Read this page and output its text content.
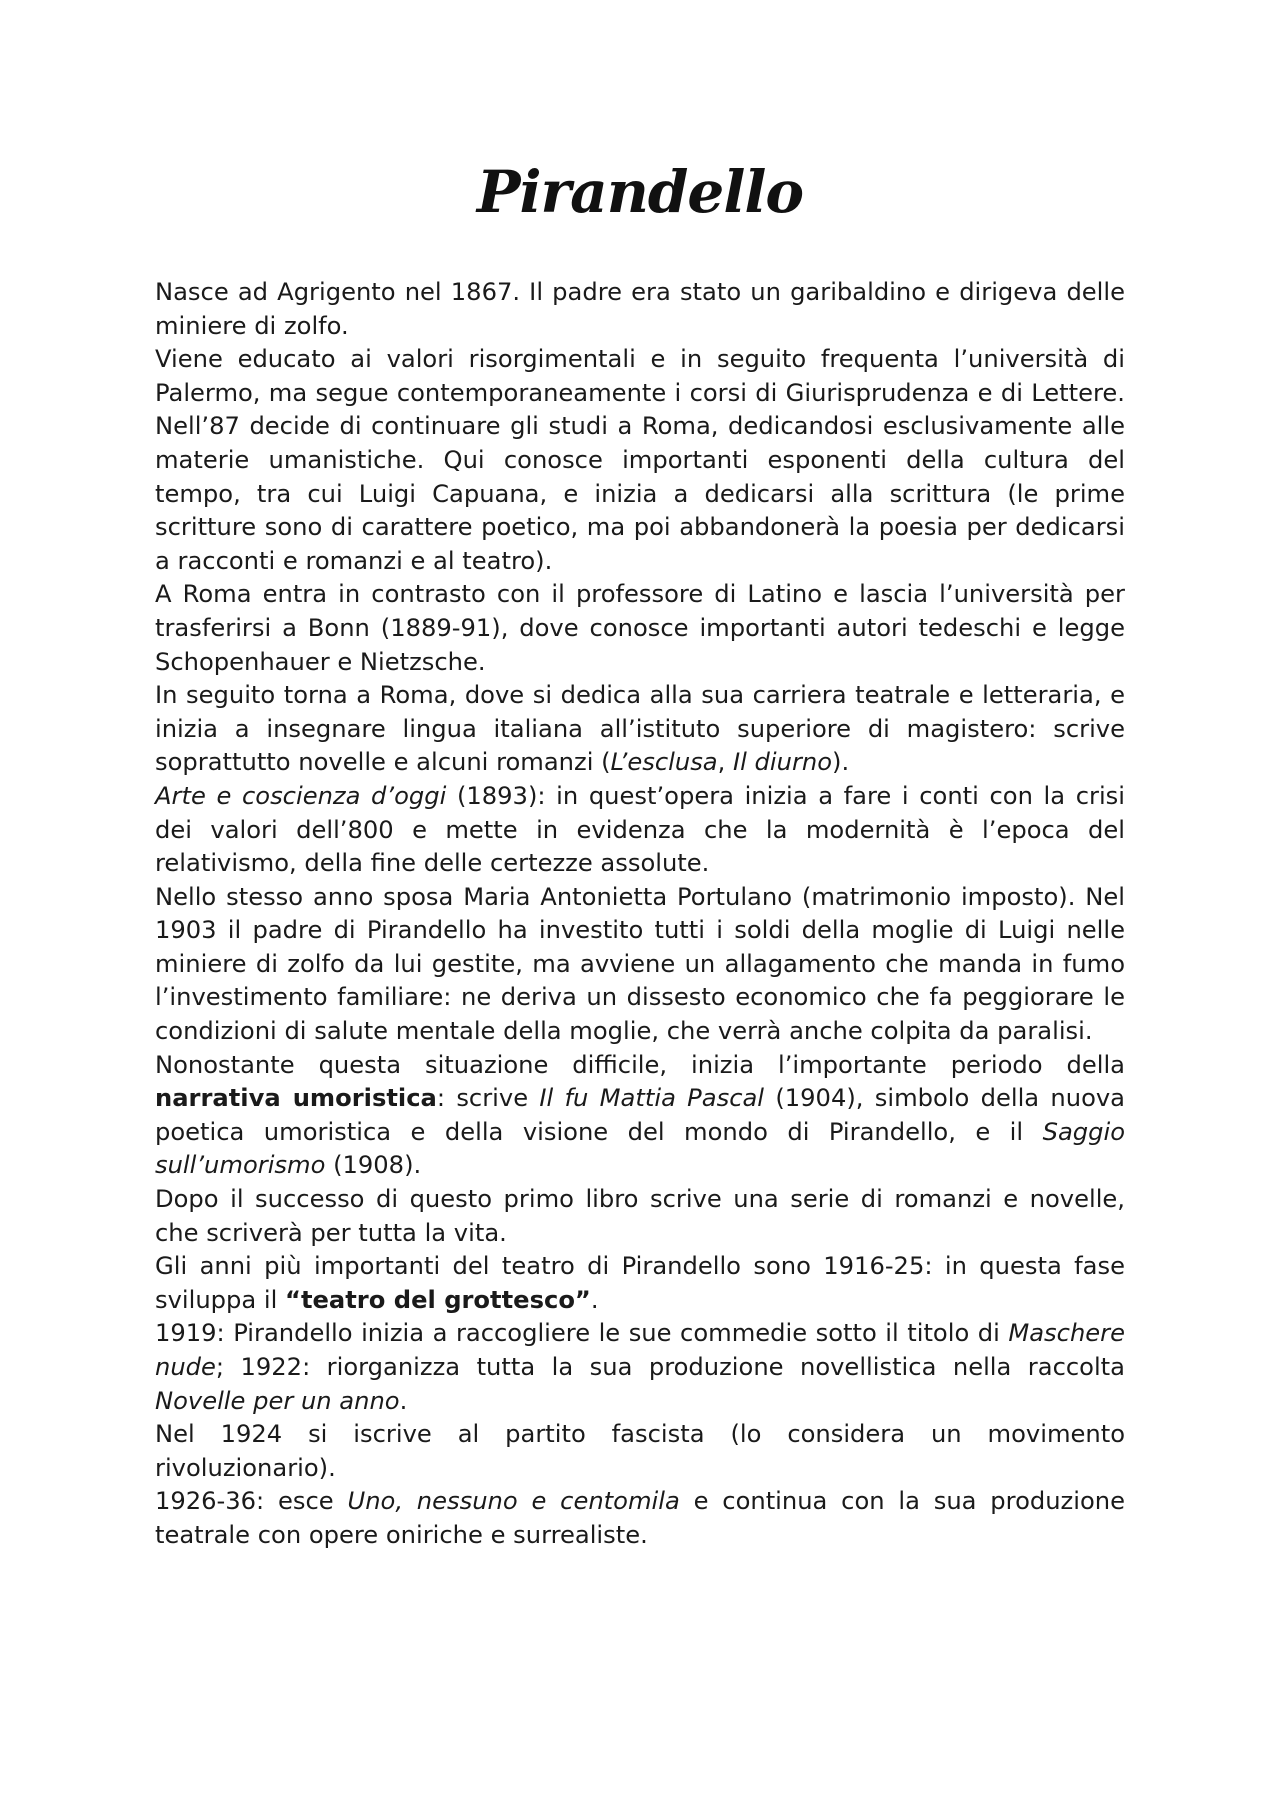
Pirandello

Nasce ad Agrigento nel 1867. Il padre era stato un garibaldino e dirigeva delle miniere di zolfo.

Viene educato ai valori risorgimentali e in seguito frequenta l’università di Palermo, ma segue contemporaneamente i corsi di Giurisprudenza e di Lettere. Nell’87 decide di continuare gli studi a Roma, dedicandosi esclusivamente alle materie umanistiche. Qui conosce importanti esponenti della cultura del tempo, tra cui Luigi Capuana, e inizia a dedicarsi alla scrittura (le prime scritture sono di carattere poetico, ma poi abbandonerà la poesia per dedicarsi a racconti e romanzi e al teatro).

A Roma entra in contrasto con il professore di Latino e lascia l’università per trasferirsi a Bonn (1889-91), dove conosce importanti autori tedeschi e legge Schopenhauer e Nietzsche.

In seguito torna a Roma, dove si dedica alla sua carriera teatrale e letteraria, e inizia a insegnare lingua italiana all’istituto superiore di magistero: scrive soprattutto novelle e alcuni romanzi (L’esclusa, Il diurno).

Arte e coscienza d’oggi (1893): in quest’opera inizia a fare i conti con la crisi dei valori dell’800 e mette in evidenza che la modernità è l’epoca del relativismo, della fine delle certezze assolute.

Nello stesso anno sposa Maria Antonietta Portulano (matrimonio imposto). Nel 1903 il padre di Pirandello ha investito tutti i soldi della moglie di Luigi nelle miniere di zolfo da lui gestite, ma avviene un allagamento che manda in fumo l’investimento familiare: ne deriva un dissesto economico che fa peggiorare le condizioni di salute mentale della moglie, che verrà anche colpita da paralisi.

Nonostante questa situazione difficile, inizia l’importante periodo della narrativa umoristica: scrive Il fu Mattia Pascal (1904), simbolo della nuova poetica umoristica e della visione del mondo di Pirandello, e il Saggio sull’umorismo (1908).

Dopo il successo di questo primo libro scrive una serie di romanzi e novelle, che scriverà per tutta la vita.

Gli anni più importanti del teatro di Pirandello sono 1916-25: in questa fase sviluppa il “teatro del grottesco”.

1919: Pirandello inizia a raccogliere le sue commedie sotto il titolo di Maschere nude; 1922: riorganizza tutta la sua produzione novellistica nella raccolta Novelle per un anno.

Nel 1924 si iscrive al partito fascista (lo considera un movimento rivoluzionario).

1926-36: esce Uno, nessuno e centomila e continua con la sua produzione teatrale con opere oniriche e surrealiste.
